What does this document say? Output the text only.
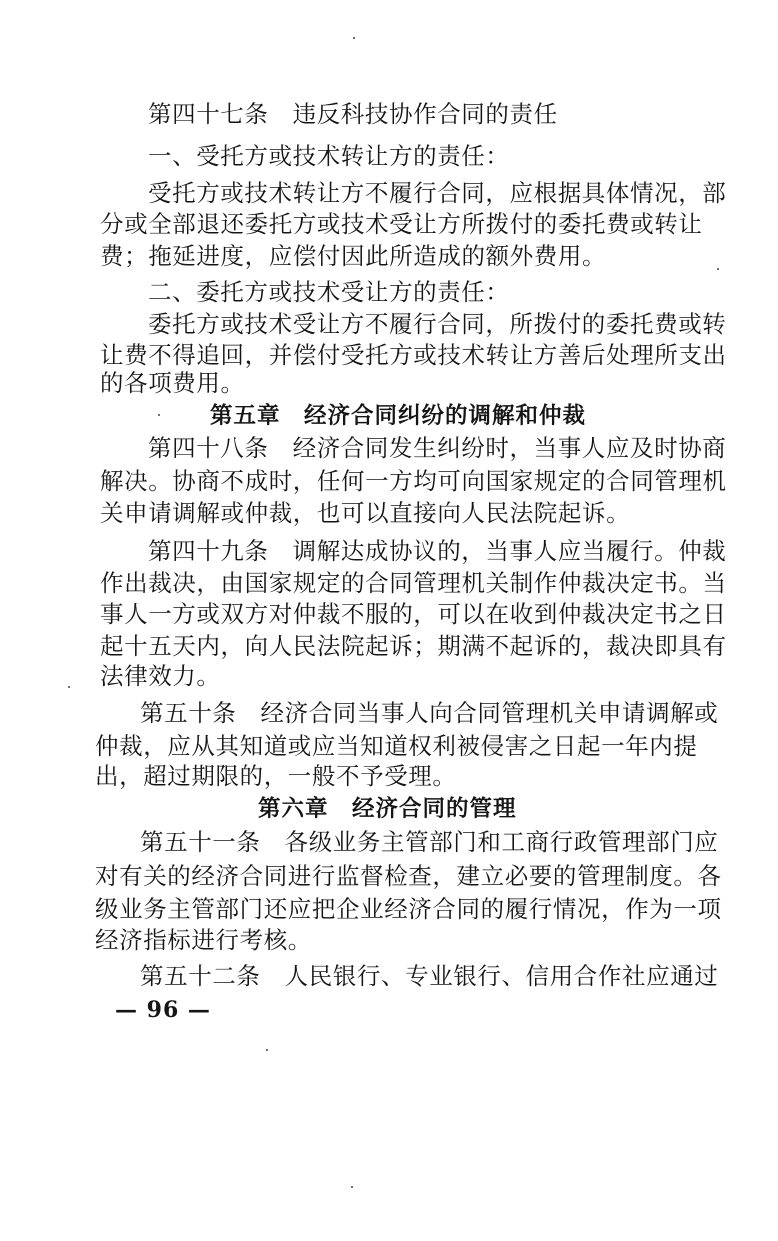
第四十七条　违反科技协作合同的责任
一、受托方或技术转让方的责任：
受托方或技术转让方不履行合同，应根据具体情况，部
分或全部退还委托方或技术受让方所拨付的委托费或转让
费；拖延进度，应偿付因此所造成的额外费用。
二、委托方或技术受让方的责任：
委托方或技术受让方不履行合同，所拨付的委托费或转
让费不得追回，并偿付受托方或技术转让方善后处理所支出
的各项费用。
第五章　经济合同纠纷的调解和仲裁
第四十八条　经济合同发生纠纷时，当事人应及时协商
解决。协商不成时，任何一方均可向国家规定的合同管理机
关申请调解或仲裁，也可以直接向人民法院起诉。
第四十九条　调解达成协议的，当事人应当履行。仲裁
作出裁决，由国家规定的合同管理机关制作仲裁决定书。当
事人一方或双方对仲裁不服的，可以在收到仲裁决定书之日
起十五天内，向人民法院起诉；期满不起诉的，裁决即具有
法律效力。
第五十条　经济合同当事人向合同管理机关申请调解或
仲裁，应从其知道或应当知道权利被侵害之日起一年内提
出，超过期限的，一般不予受理。
第六章　经济合同的管理
第五十一条　各级业务主管部门和工商行政管理部门应
对有关的经济合同进行监督检查，建立必要的管理制度。各
级业务主管部门还应把企业经济合同的履行情况，作为一项
经济指标进行考核。
第五十二条　人民银行、专业银行、信用合作社应通过
— 96 —
